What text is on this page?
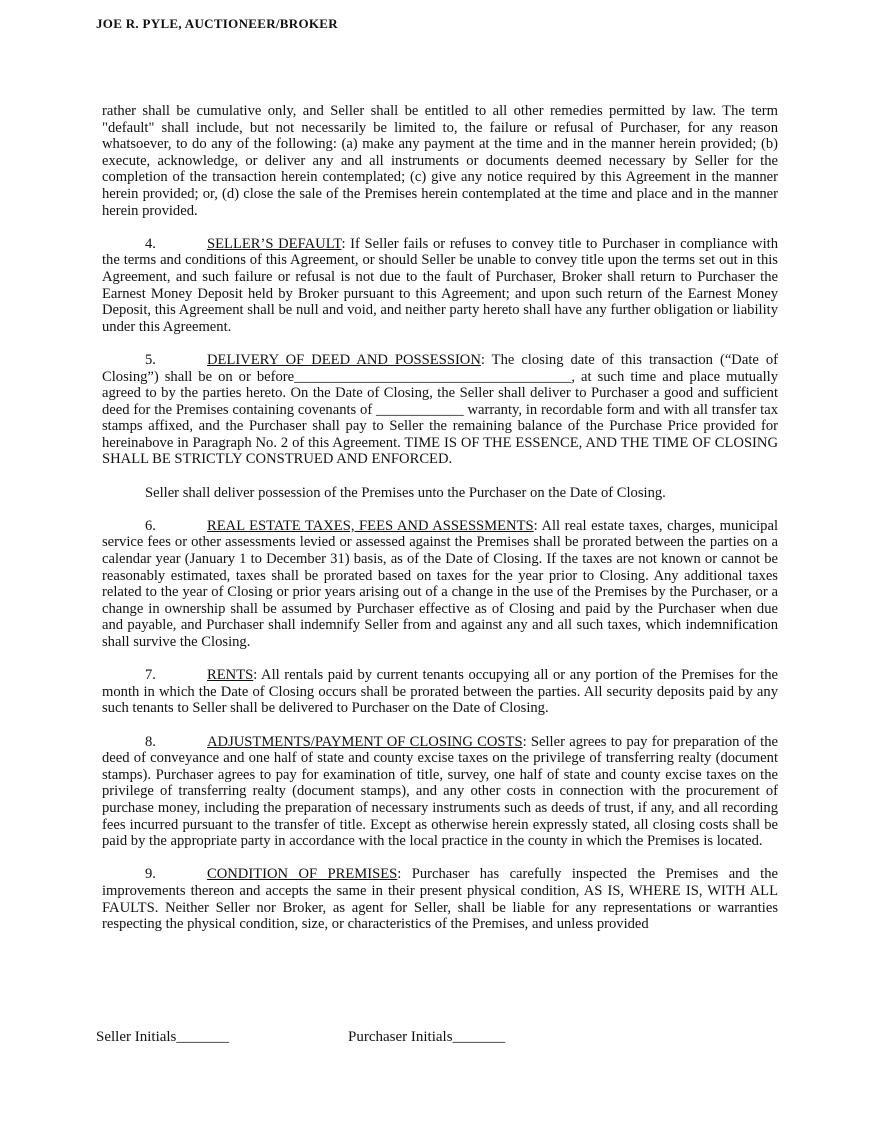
JOE R. PYLE, AUCTIONEER/BROKER

rather shall be cumulative only, and Seller shall be entitled to all other remedies permitted by law. The term "default" shall include, but not necessarily be limited to, the failure or refusal of Purchaser, for any reason whatsoever, to do any of the following: (a) make any payment at the time and in the manner herein provided; (b) execute, acknowledge, or deliver any and all instruments or documents deemed necessary by Seller for the completion of the transaction herein contemplated; (c) give any notice required by this Agreement in the manner herein provided; or, (d) close the sale of the Premises herein contemplated at the time and place and in the manner herein provided.

4.	SELLER’S DEFAULT: If Seller fails or refuses to convey title to Purchaser in compliance with the terms and conditions of this Agreement, or should Seller be unable to convey title upon the terms set out in this Agreement, and such failure or refusal is not due to the fault of Purchaser, Broker shall return to Purchaser the Earnest Money Deposit held by Broker pursuant to this Agreement; and upon such return of the Earnest Money Deposit, this Agreement shall be null and void, and neither party hereto shall have any further obligation or liability under this Agreement.

5.	DELIVERY OF DEED AND POSSESSION: The closing date of this transaction (“Date of Closing”) shall be on or before______________________________________, at such time and place mutually agreed to by the parties hereto. On the Date of Closing, the Seller shall deliver to Purchaser a good and sufficient deed for the Premises containing covenants of ____________ warranty, in recordable form and with all transfer tax stamps affixed, and the Purchaser shall pay to Seller the remaining balance of the Purchase Price provided for hereinabove in Paragraph No. 2 of this Agreement. TIME IS OF THE ESSENCE, AND THE TIME OF CLOSING SHALL BE STRICTLY CONSTRUED AND ENFORCED.

Seller shall deliver possession of the Premises unto the Purchaser on the Date of Closing.

6.	REAL ESTATE TAXES, FEES AND ASSESSMENTS: All real estate taxes, charges, municipal service fees or other assessments levied or assessed against the Premises shall be prorated between the parties on a calendar year (January 1 to December 31) basis, as of the Date of Closing. If the taxes are not known or cannot be reasonably estimated, taxes shall be prorated based on taxes for the year prior to Closing. Any additional taxes related to the year of Closing or prior years arising out of a change in the use of the Premises by the Purchaser, or a change in ownership shall be assumed by Purchaser effective as of Closing and paid by the Purchaser when due and payable, and Purchaser shall indemnify Seller from and against any and all such taxes, which indemnification shall survive the Closing.

7.	RENTS: All rentals paid by current tenants occupying all or any portion of the Premises for the month in which the Date of Closing occurs shall be prorated between the parties. All security deposits paid by any such tenants to Seller shall be delivered to Purchaser on the Date of Closing.

8.	ADJUSTMENTS/PAYMENT OF CLOSING COSTS: Seller agrees to pay for preparation of the deed of conveyance and one half of state and county excise taxes on the privilege of transferring realty (document stamps). Purchaser agrees to pay for examination of title, survey, one half of state and county excise taxes on the privilege of transferring realty (document stamps), and any other costs in connection with the procurement of purchase money, including the preparation of necessary instruments such as deeds of trust, if any, and all recording fees incurred pursuant to the transfer of title. Except as otherwise herein expressly stated, all closing costs shall be paid by the appropriate party in accordance with the local practice in the county in which the Premises is located.

9.	CONDITION OF PREMISES: Purchaser has carefully inspected the Premises and the improvements thereon and accepts the same in their present physical condition, AS IS, WHERE IS, WITH ALL FAULTS. Neither Seller nor Broker, as agent for Seller, shall be liable for any representations or warranties respecting the physical condition, size, or characteristics of the Premises, and unless provided

Seller Initials_______	Purchaser Initials_______
